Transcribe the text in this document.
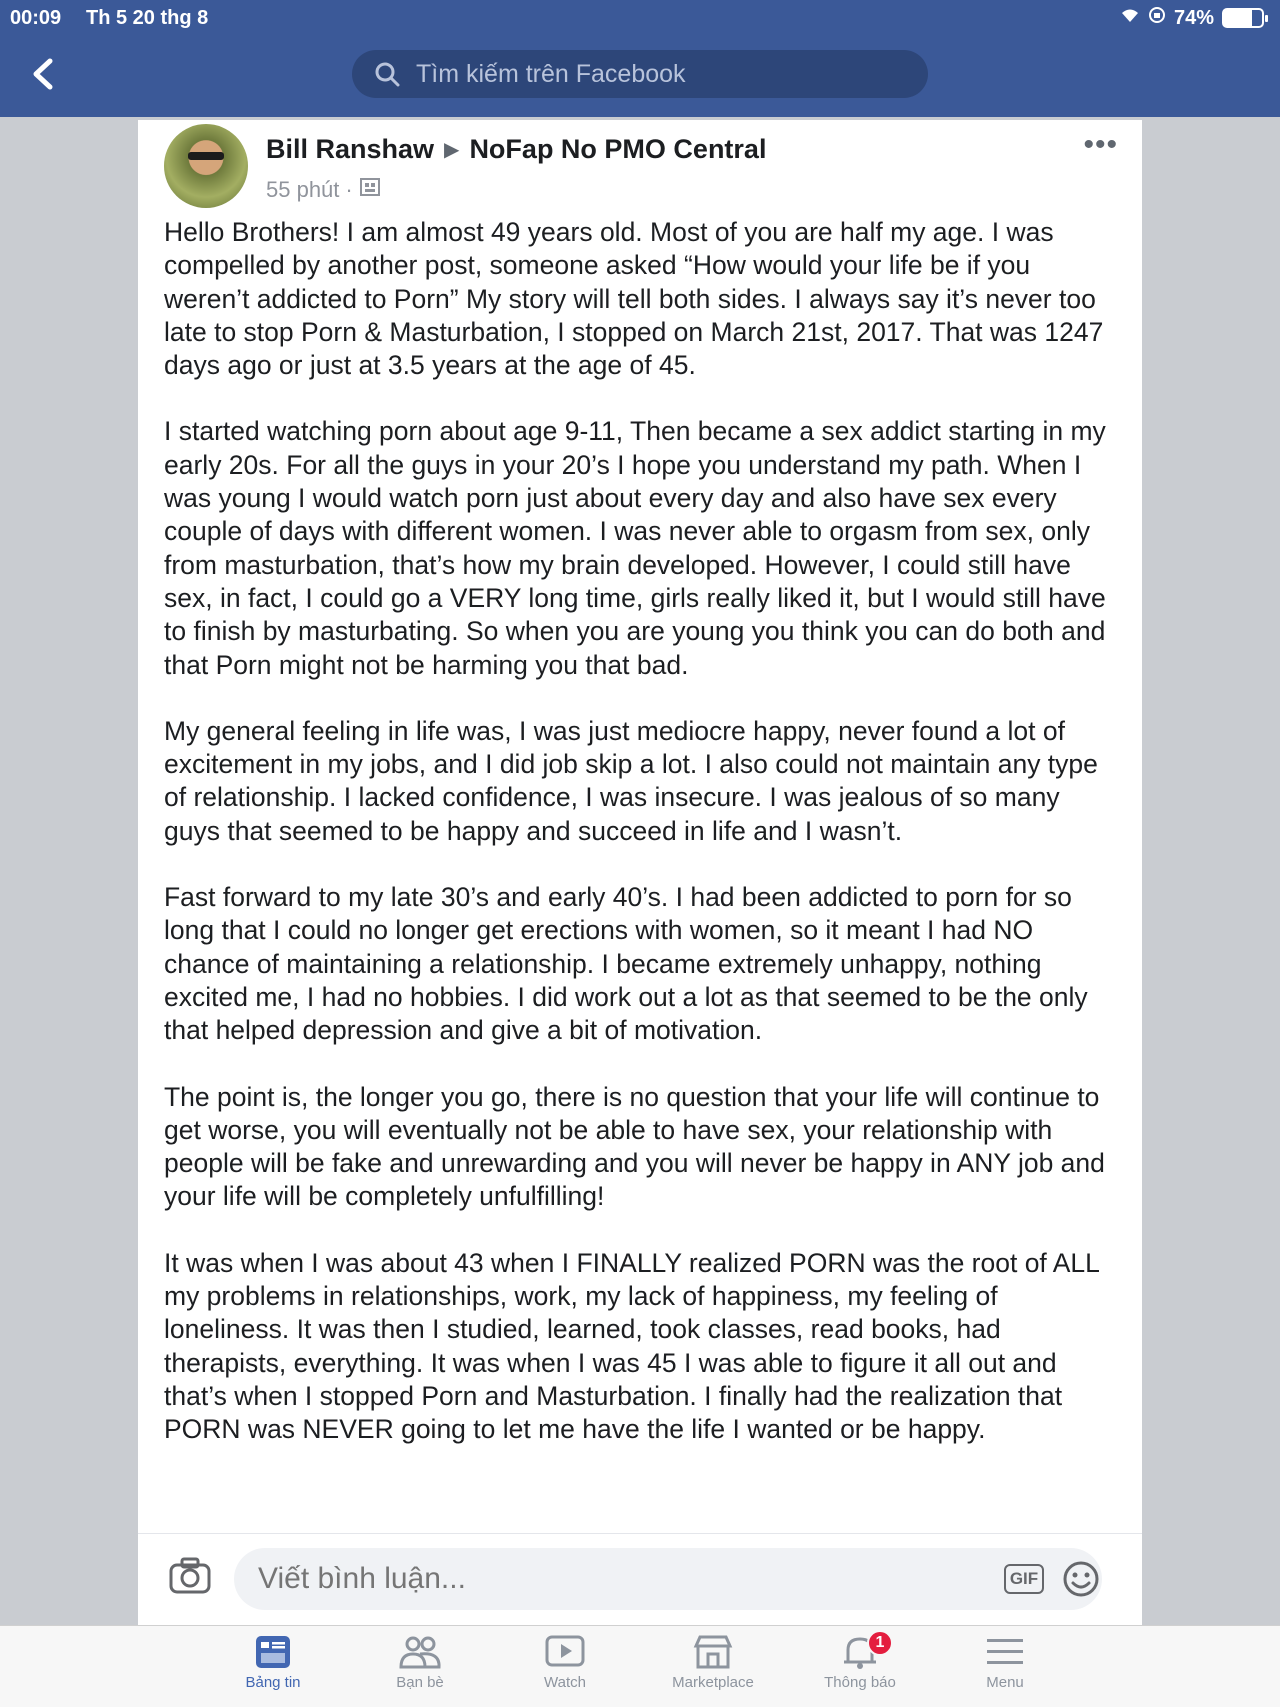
00:09 Th 5 20 thg 8	74%
Tìm kiếm trên Facebook
Bill Ranshaw ▶ NoFap No PMO Central
55 phút ·
•••

Hello Brothers! I am almost 49 years old. Most of you are half my age. I was compelled by another post, someone asked “How would your life be if you weren’t addicted to Porn” My story will tell both sides. I always say it’s never too late to stop Porn & Masturbation, I stopped on March 21st, 2017. That was 1247 days ago or just at 3.5 years at the age of 45.

I started watching porn about age 9-11, Then became a sex addict starting in my early 20s. For all the guys in your 20’s I hope you understand my path. When I was young I would watch porn just about every day and also have sex every couple of days with different women. I was never able to orgasm from sex, only from masturbation, that’s how my brain developed. However, I could still have sex, in fact, I could go a VERY long time, girls really liked it, but I would still have to finish by masturbating. So when you are young you think you can do both and that Porn might not be harming you that bad.

My general feeling in life was, I was just mediocre happy, never found a lot of excitement in my jobs, and I did job skip a lot. I also could not maintain any type of relationship. I lacked confidence, I was insecure. I was jealous of so many guys that seemed to be happy and succeed in life and I wasn’t.

Fast forward to my late 30’s and early 40’s. I had been addicted to porn for so long that I could no longer get erections with women, so it meant I had NO chance of maintaining a relationship. I became extremely unhappy, nothing excited me, I had no hobbies. I did work out a lot as that seemed to be the only that helped depression and give a bit of motivation.

The point is, the longer you go, there is no question that your life will continue to get worse, you will eventually not be able to have sex, your relationship with people will be fake and unrewarding and you will never be happy in ANY job and your life will be completely unfulfilling!

It was when I was about 43 when I FINALLY realized PORN was the root of ALL my problems in relationships, work, my lack of happiness, my feeling of loneliness. It was then I studied, learned, took classes, read books, had therapists, everything. It was when I was 45 I was able to figure it all out and that’s when I stopped Porn and Masturbation. I finally had the realization that PORN was NEVER going to let me have the life I wanted or be happy.

Viết bình luận...
GIF
Bảng tin	Bạn bè	Watch	Marketplace
1
Thông báo	Menu
